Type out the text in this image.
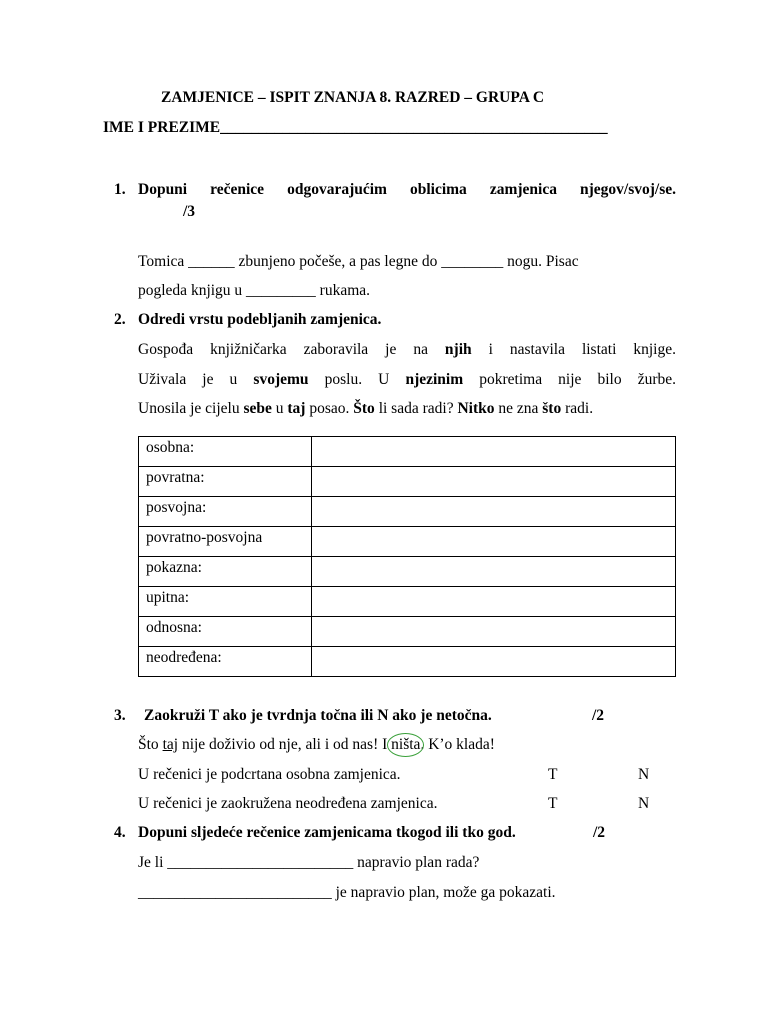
ZAMJENICE – ISPIT ZNANJA 8. RAZRED – GRUPA C
IME I PREZIME__________________________________________________
1. Dopuni rečenice odgovarajućim oblicima zamjenica njegov/svoj/se.
/3
Tomica ______ zbunjeno počeše, a pas legne do ________ nogu. Pisac
pogleda knjigu u _________ rukama.
2. Odredi vrstu podebljanih zamjenica.
Gospođa knjižničarka zaboravila je na njih i nastavila listati knjige.
Uživala je u svojemu poslu. U njezinim pokretima nije bilo žurbe.
Unosila je cijelu sebe u taj posao. Što li sada radi? Nitko ne zna što radi.
osobna:	
povratna:	
posvojna:	
povratno-posvojna	
pokazna:	
upitna:	
odnosna:	
neodređena:	
3. Zaokruži T ako je tvrdnja točna ili N ako je netočna.	/2
Što taj nije doživio od nje, ali i od nas! I ništa. K’o klada!
U rečenici je podcrtana osobna zamjenica.	T	N
U rečenici je zaokružena neodređena zamjenica.	T	N
4. Dopuni sljedeće rečenice zamjenicama tkogod ili tko god.	/2
Je li ________________________ napravio plan rada?
_________________________ je napravio plan, može ga pokazati.
